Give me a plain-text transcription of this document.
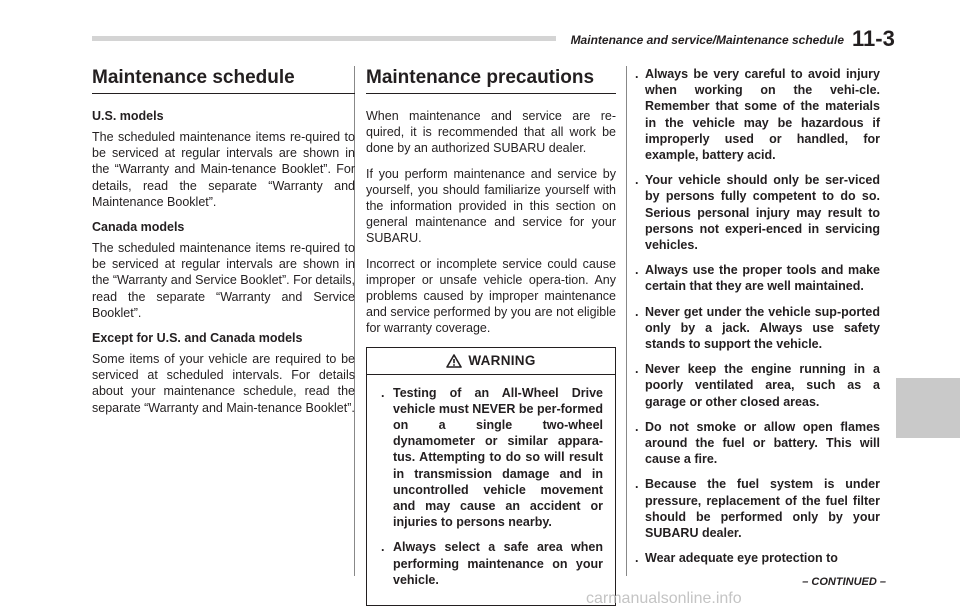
Maintenance and service/Maintenance schedule 11-3
Maintenance schedule
U.S. models
The scheduled maintenance items re-quired to be serviced at regular intervals are shown in the “Warranty and Main-tenance Booklet”. For details, read the separate “Warranty and Maintenance Booklet”.
Canada models
The scheduled maintenance items re-quired to be serviced at regular intervals are shown in the “Warranty and Service Booklet”. For details, read the separate “Warranty and Service Booklet”.
Except for U.S. and Canada models
Some items of your vehicle are required to be serviced at scheduled intervals. For details about your maintenance schedule, read the separate “Warranty and Main-tenance Booklet”.
Maintenance precautions
When maintenance and service are re-quired, it is recommended that all work be done by an authorized SUBARU dealer.
If you perform maintenance and service by yourself, you should familiarize yourself with the information provided in this section on general maintenance and service for your SUBARU.
Incorrect or incomplete service could cause improper or unsafe vehicle opera-tion. Any problems caused by improper maintenance and service performed by you are not eligible for warranty coverage.
WARNING
. Testing of an All-Wheel Drive vehicle must NEVER be per-formed on a single two-wheel dynamometer or similar appara-tus. Attempting to do so will result in transmission damage and in uncontrolled vehicle movement and may cause an accident or injuries to persons nearby.
. Always select a safe area when performing maintenance on your vehicle.
. Always be very careful to avoid injury when working on the vehi-cle. Remember that some of the materials in the vehicle may be hazardous if improperly used or handled, for example, battery acid.
. Your vehicle should only be ser-viced by persons fully competent to do so. Serious personal injury may result to persons not experi-enced in servicing vehicles.
. Always use the proper tools and make certain that they are well maintained.
. Never get under the vehicle sup-ported only by a jack. Always use safety stands to support the vehicle.
. Never keep the engine running in a poorly ventilated area, such as a garage or other closed areas.
. Do not smoke or allow open flames around the fuel or battery. This will cause a fire.
. Because the fuel system is under pressure, replacement of the fuel filter should be performed only by your SUBARU dealer.
. Wear adequate eye protection to
– CONTINUED –
carmanualsonline.info
